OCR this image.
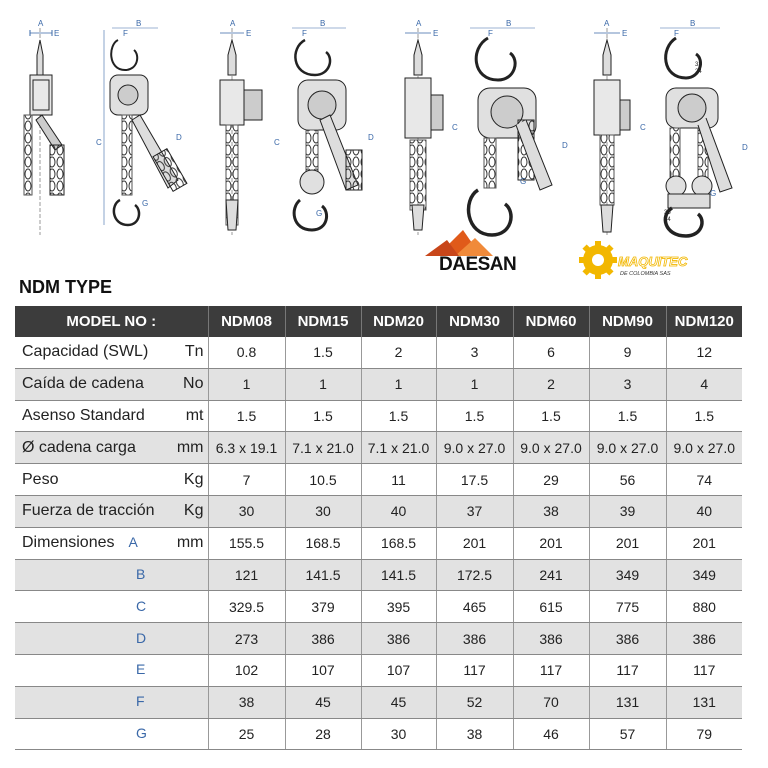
33
24
35
24
A
E
B
F
C
D
G
A
E
B
F
C
D
G
A
E
B
F
C
D
G
A
E
B
F
C
D
G
DAESAN	MAQUITEC
DE COLOMBIA SAS
NDM TYPE
MODEL NO :	NDM08	NDM15	NDM20	NDM30	NDM60	NDM90	NDM120

Capacidad (SWL) Tn	0.8	1.5	2	3	6	9	12

Caída de cadena No	1	1	1	1	2	3	4

Asenso Standard mt	1.5	1.5	1.5	1.5	1.5	1.5	1.5

Ø cadena carga mm	6.3 x 19.1	7.1 x 21.0	7.1 x 21.0	9.0 x 27.0	9.0 x 27.0	9.0 x 27.0	9.0 x 27.0

Peso Kg	7	10.5	11	17.5	29	56	74

Fuerza de tracción Kg	30	30	40	37	38	39	40

Dimensiones A mm	155.5	168.5	168.5	201	201	201	201
B	121	141.5	141.5	172.5	241	349	349
C	329.5	379	395	465	615	775	880
D	273	386	386	386	386	386	386
E	102	107	107	117	117	117	117
F	38	45	45	52	70	131	131
G	25	28	30	38	46	57	79
